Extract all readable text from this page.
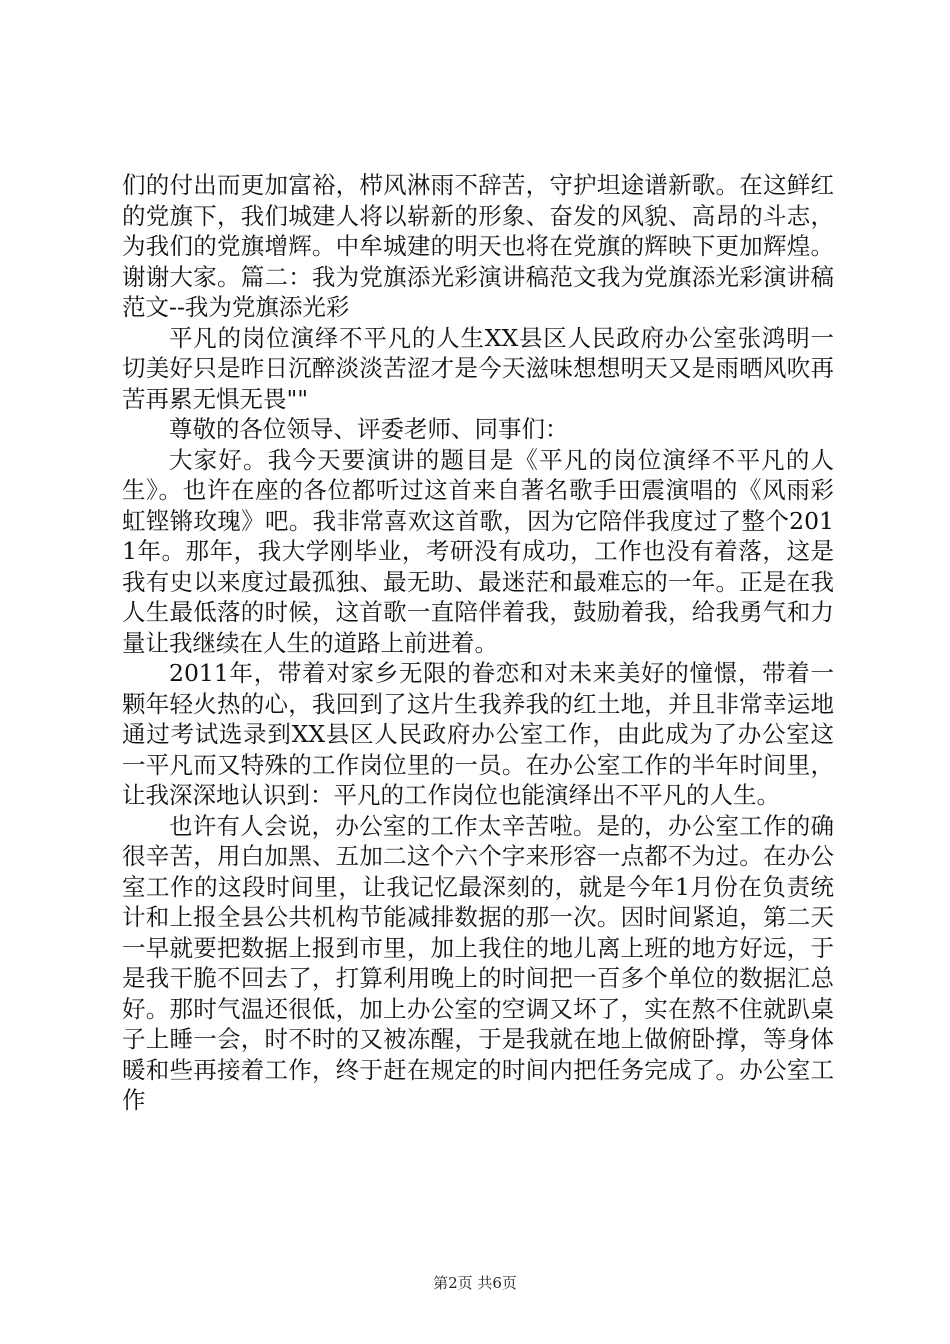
们的付出而更加富裕，栉风淋雨不辞苦，守护坦途谱新歌。在这鲜红的党旗下，我们城建人将以崭新的形象、奋发的风貌、高昂的斗志，为我们的党旗增辉。中牟城建的明天也将在党旗的辉映下更加辉煌。谢谢大家。篇二：我为党旗添光彩演讲稿范文我为党旗添光彩演讲稿范文--我为党旗添光彩

平凡的岗位演绎不平凡的人生XX县区人民政府办公室张鸿明一切美好只是昨日沉醉淡淡苦涩才是今天滋味想想明天又是雨晒风吹再苦再累无惧无畏""

尊敬的各位领导、评委老师、同事们：

大家好。我今天要演讲的题目是《平凡的岗位演绎不平凡的人生》。也许在座的各位都听过这首来自著名歌手田震演唱的《风雨彩虹铿锵玫瑰》吧。我非常喜欢这首歌，因为它陪伴我度过了整个2011年。那年，我大学刚毕业，考研没有成功，工作也没有着落，这是我有史以来度过最孤独、最无助、最迷茫和最难忘的一年。正是在我人生最低落的时候，这首歌一直陪伴着我，鼓励着我，给我勇气和力量让我继续在人生的道路上前进着。

2011年，带着对家乡无限的眷恋和对未来美好的憧憬，带着一颗年轻火热的心，我回到了这片生我养我的红土地，并且非常幸运地通过考试选录到XX县区人民政府办公室工作，由此成为了办公室这一平凡而又特殊的工作岗位里的一员。在办公室工作的半年时间里，让我深深地认识到：平凡的工作岗位也能演绎出不平凡的人生。

也许有人会说，办公室的工作太辛苦啦。是的，办公室工作的确很辛苦，用白加黑、五加二这个六个字来形容一点都不为过。在办公室工作的这段时间里，让我记忆最深刻的，就是今年1月份在负责统计和上报全县公共机构节能减排数据的那一次。因时间紧迫，第二天一早就要把数据上报到市里，加上我住的地儿离上班的地方好远，于是我干脆不回去了，打算利用晚上的时间把一百多个单位的数据汇总好。那时气温还很低，加上办公室的空调又坏了，实在熬不住就趴桌子上睡一会，时不时的又被冻醒，于是我就在地上做俯卧撑，等身体暖和些再接着工作，终于赶在规定的时间内把任务完成了。办公室工作

第2页 共6页
